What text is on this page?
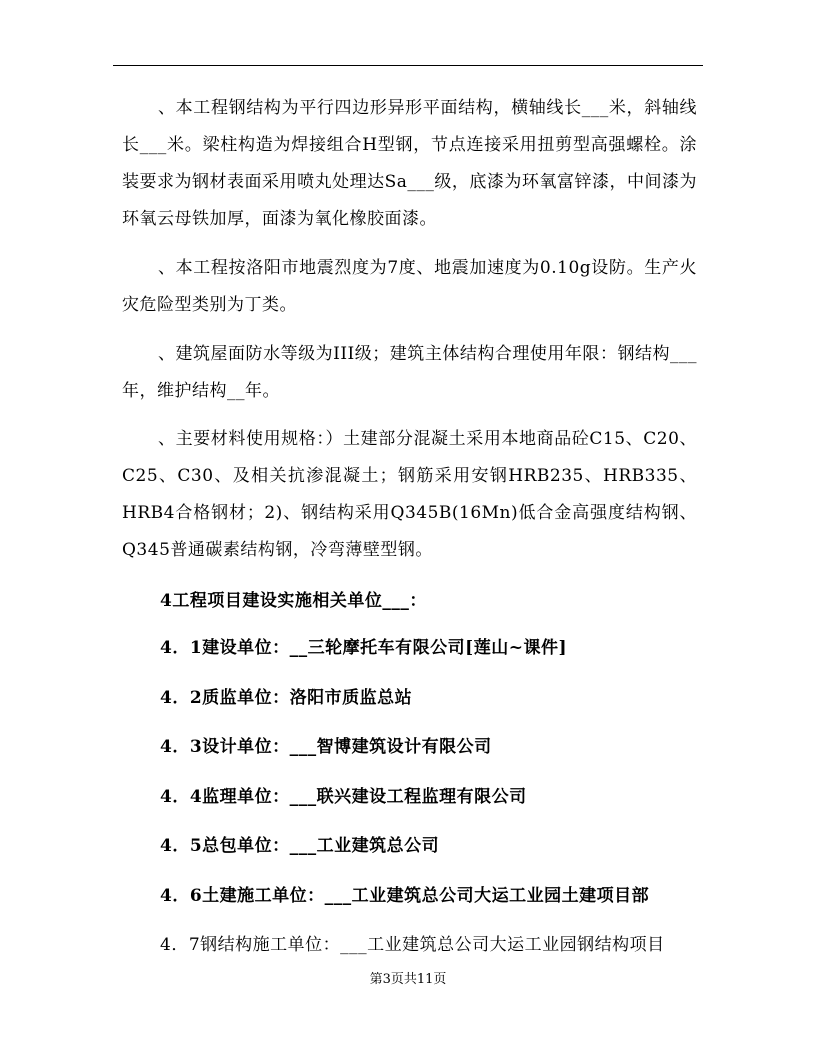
、本工程钢结构为平行四边形异形平面结构，横轴线长___米，斜轴线长___米。梁柱构造为焊接组合H型钢，节点连接采用扭剪型高强螺栓。涂装要求为钢材表面采用喷丸处理达Sa___级，底漆为环氧富锌漆，中间漆为环氧云母铁加厚，面漆为氧化橡胶面漆。

、本工程按洛阳市地震烈度为7度、地震加速度为0.10g设防。生产火灾危险型类别为丁类。

、建筑屋面防水等级为III级；建筑主体结构合理使用年限：钢结构___年，维护结构__年。

、主要材料使用规格：）土建部分混凝土采用本地商品砼C15、C20、C25、C30、及相关抗渗混凝土；钢筋采用安钢HRB235、HRB335、HRB4合格钢材；2)、钢结构采用Q345B(16Mn)低合金高强度结构钢、Q345普通碳素结构钢，冷弯薄壁型钢。

4工程项目建设实施相关单位___：
4．1建设单位：__三轮摩托车有限公司[莲山~课件]
4．2质监单位：洛阳市质监总站
4．3设计单位：___智博建筑设计有限公司
4．4监理单位：___联兴建设工程监理有限公司
4．5总包单位：___工业建筑总公司
4．6土建施工单位：___工业建筑总公司大运工业园土建项目部
4．7钢结构施工单位：___工业建筑总公司大运工业园钢结构项目
第3页共11页
